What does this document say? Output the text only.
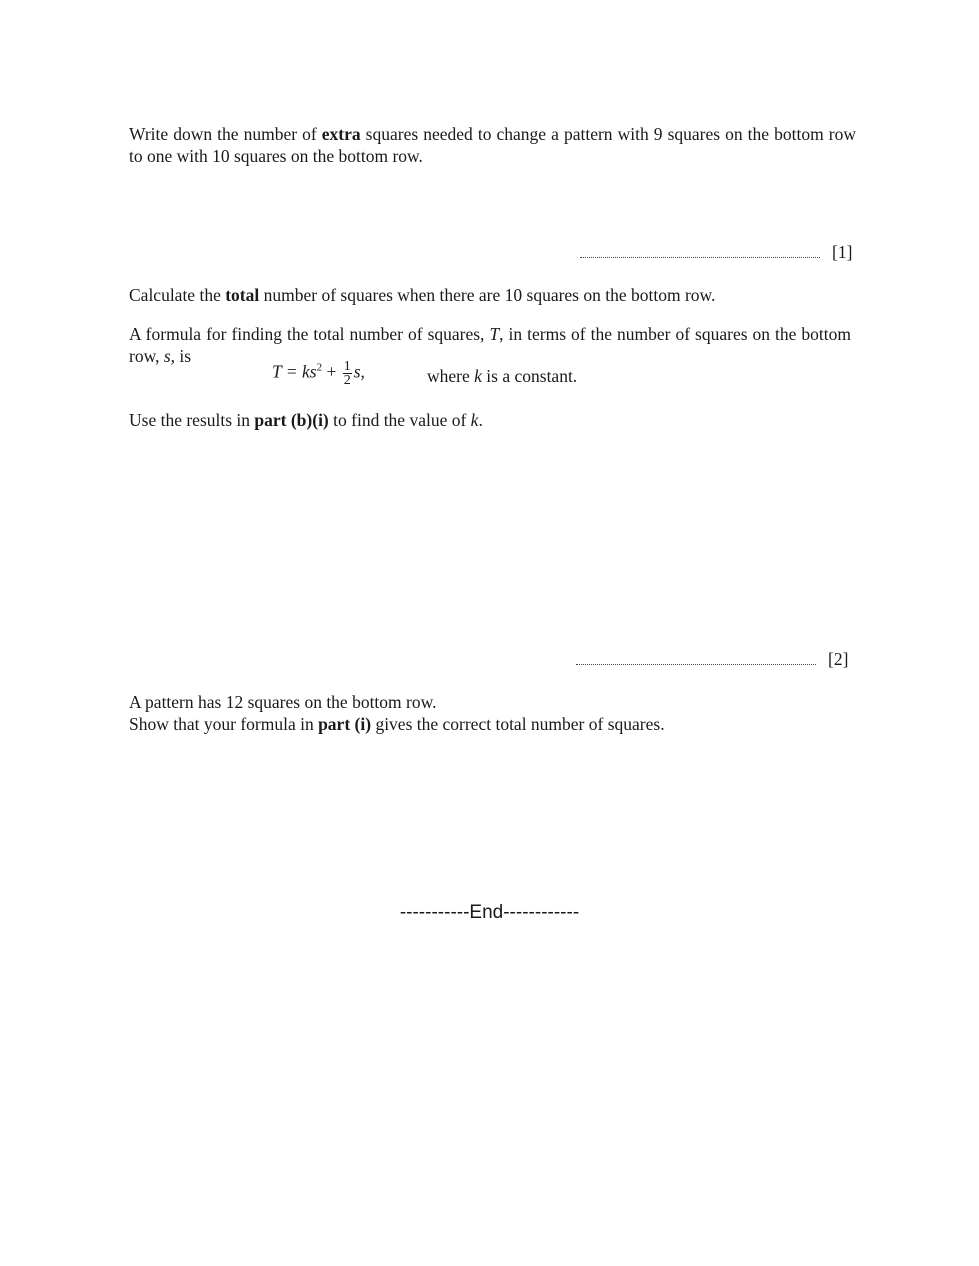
Write down the number of extra squares needed to change a pattern with 9 squares on the bottom row to one with 10 squares on the bottom row.
[1]
Calculate the total number of squares when there are 10 squares on the bottom row.
A formula for finding the total number of squares, T, in terms of the number of squares on the bottom row, s, is
$T = ks^2 + \frac{1}{2} s$,	where k is a constant.
Use the results in part (b)(i) to find the value of k.
[2]
A pattern has 12 squares on the bottom row.
Show that your formula in part (i) gives the correct total number of squares.
-----------End------------
